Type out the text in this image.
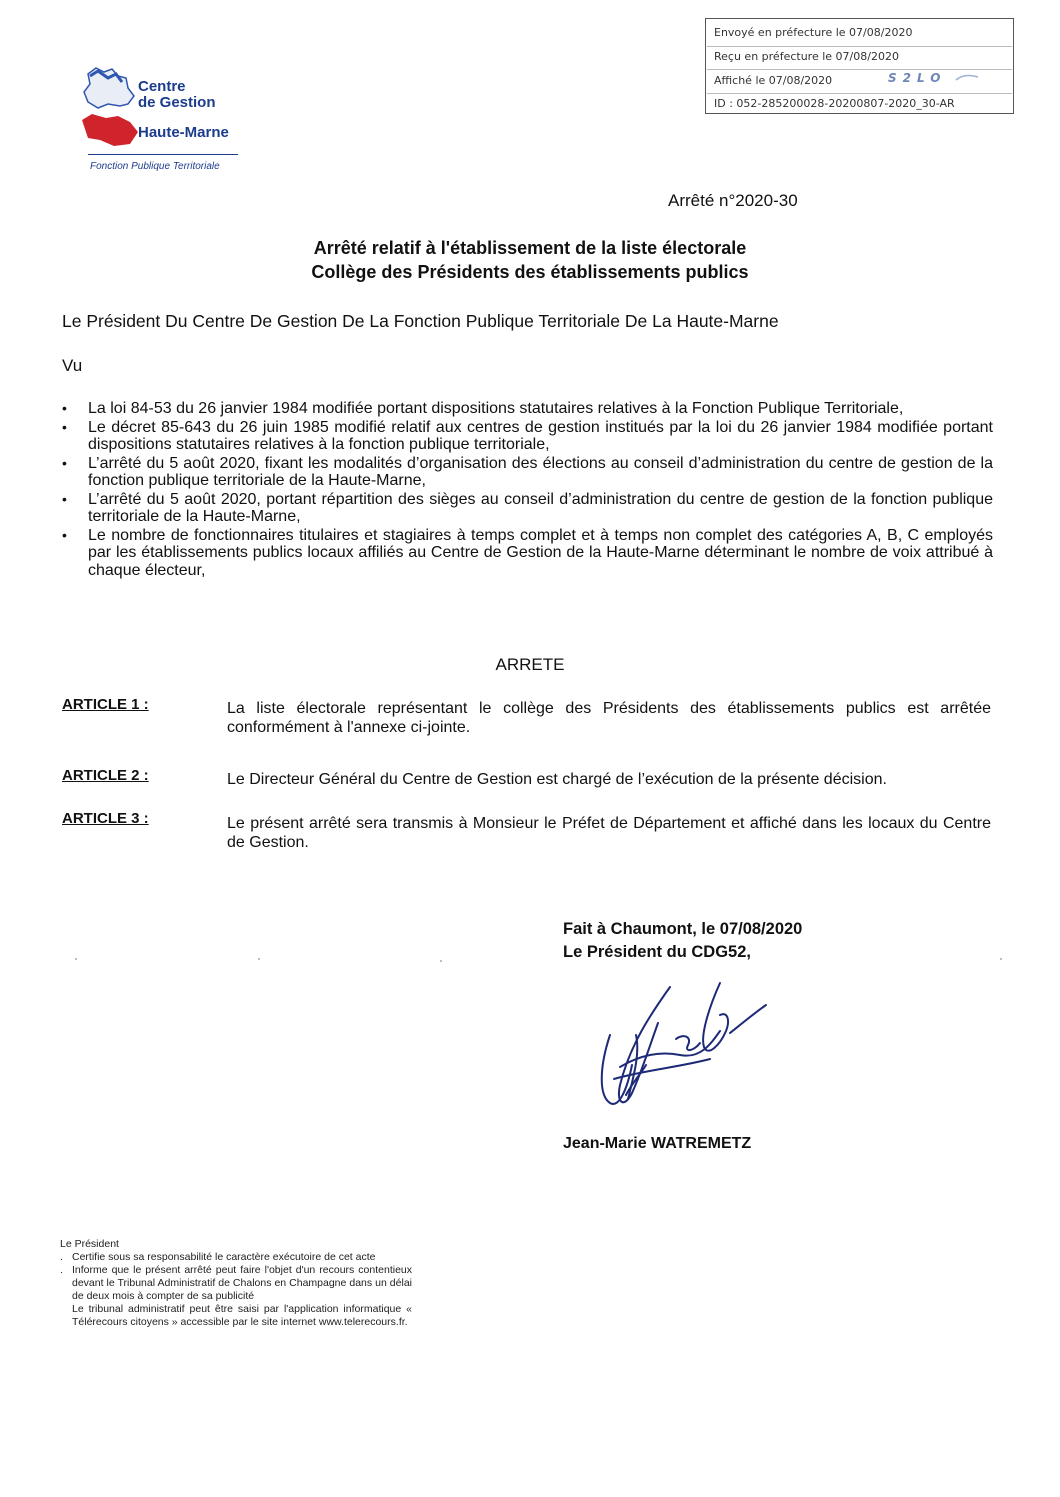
Envoyé en préfecture le 07/08/2020
Reçu en préfecture le 07/08/2020
Affiché le 07/08/2020
ID : 052-285200028-20200807-2020_30-AR
S2LO
Centre
de Gestion
Haute-Marne
Fonction Publique Territoriale
Arrêté n°2020-30
Arrêté relatif à l'établissement de la liste électorale
Collège des Présidents des établissements publics
Le Président Du Centre De Gestion De La Fonction Publique Territoriale De La Haute-Marne
Vu
• La loi 84-53 du 26 janvier 1984 modifiée portant dispositions statutaires relatives à la Fonction Publique Territoriale,
• Le décret 85-643 du 26 juin 1985 modifié relatif aux centres de gestion institués par la loi du 26 janvier 1984 modifiée portant dispositions statutaires relatives à la fonction publique territoriale,
• L’arrêté du 5 août 2020, fixant les modalités d’organisation des élections au conseil d’administration du centre de gestion de la fonction publique territoriale de la Haute-Marne,
• L’arrêté du 5 août 2020, portant répartition des sièges au conseil d’administration du centre de gestion de la fonction publique territoriale de la Haute-Marne,
• Le nombre de fonctionnaires titulaires et stagiaires à temps complet et à temps non complet des catégories A, B, C employés par les établissements publics locaux affiliés au Centre de Gestion de la Haute-Marne déterminant le nombre de voix attribué à chaque électeur,
ARRETE
ARTICLE 1 :	La liste électorale représentant le collège des Présidents des établissements publics est arrêtée conformément à l'annexe ci-jointe.
ARTICLE 2 :	Le Directeur Général du Centre de Gestion est chargé de l’exécution de la présente décision.
ARTICLE 3 :	Le présent arrêté sera transmis à Monsieur le Préfet de Département et affiché dans les locaux du Centre de Gestion.
Fait à Chaumont, le 07/08/2020
Le Président du CDG52,
Jean-Marie WATREMETZ
Le Président
. Certifie sous sa responsabilité le caractère exécutoire de cet acte
. Informe que le présent arrêté peut faire l'objet d'un recours contentieux devant le Tribunal Administratif de Chalons en Champagne dans un délai de deux mois à compter de sa publicité
Le tribunal administratif peut être saisi par l'application informatique « Télérecours citoyens » accessible par le site internet www.telerecours.fr.
